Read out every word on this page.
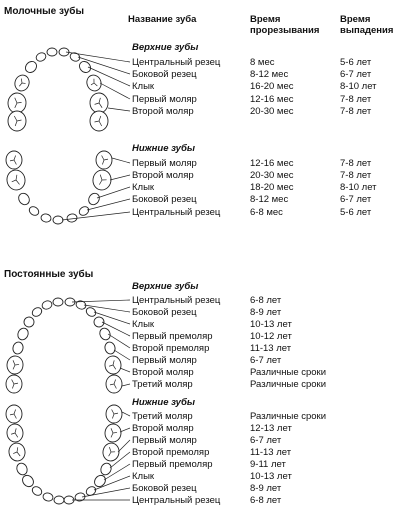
Молочные зубы
Название зуба	Время
прорезывания
Время
выпадения
Верхние зубы
Центральный резец	8 мес	5-6 лет
Боковой резец	8-12 мес	6-7 лет
Клык	16-20 мес	8-10 лет
Первый моляр	12-16 мес	7-8 лет
Второй моляр	20-30 мес	7-8 лет
Нижние зубы
Первый моляр	12-16 мес	7-8 лет
Второй моляр	20-30 мес	7-8 лет
Клык	18-20 мес	8-10 лет
Боковой резец	8-12 мес	6-7 лет
Центральный резец	6-8 мес	5-6 лет
Постоянные зубы
Верхние зубы
Центральный резец	6-8 лет
Боковой резец	8-9 лет
Клык	10-13 лет
Первый премоляр	10-12 лет
Второй премоляр	11-13 лет
Первый моляр	6-7 лет
Второй моляр	Различные сроки
Третий моляр	Различные сроки
Нижние зубы
Третий моляр	Различные сроки
Второй моляр	12-13 лет
Первый моляр	6-7 лет
Второй премоляр	11-13 лет
Первый премоляр	9-11 лет
Клык	10-13 лет
Боковой резец	8-9 лет
Центральный резец	6-8 лет
